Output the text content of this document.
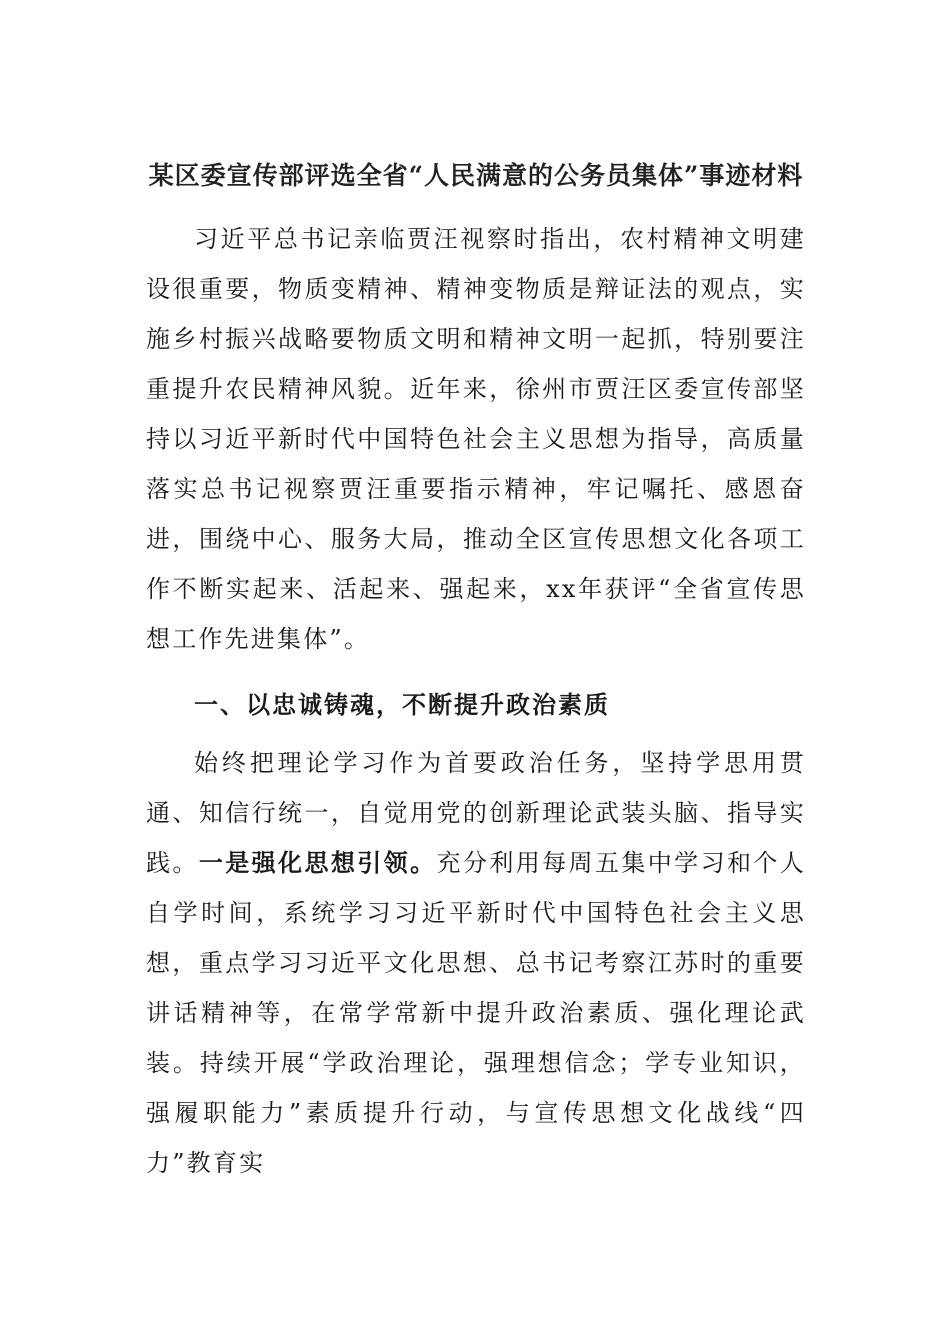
某区委宣传部评选全省“人民满意的公务员集体”事迹材料

习近平总书记亲临贾汪视察时指出，农村精神文明建设很重要，物质变精神、精神变物质是辩证法的观点，实施乡村振兴战略要物质文明和精神文明一起抓，特别要注重提升农民精神风貌。近年来，徐州市贾汪区委宣传部坚持以习近平新时代中国特色社会主义思想为指导，高质量落实总书记视察贾汪重要指示精神，牢记嘱托、感恩奋进，围绕中心、服务大局，推动全区宣传思想文化各项工作不断实起来、活起来、强起来，xx年获评“全省宣传思想工作先进集体”。

一、以忠诚铸魂，不断提升政治素质

始终把理论学习作为首要政治任务，坚持学思用贯通、知信行统一，自觉用党的创新理论武装头脑、指导实践。一是强化思想引领。充分利用每周五集中学习和个人自学时间，系统学习习近平新时代中国特色社会主义思想，重点学习习近平文化思想、总书记考察江苏时的重要讲话精神等，在常学常新中提升政治素质、强化理论武装。持续开展“学政治理论，强理想信念；学专业知识，强履职能力”素质提升行动，与宣传思想文化战线“四力”教育实
